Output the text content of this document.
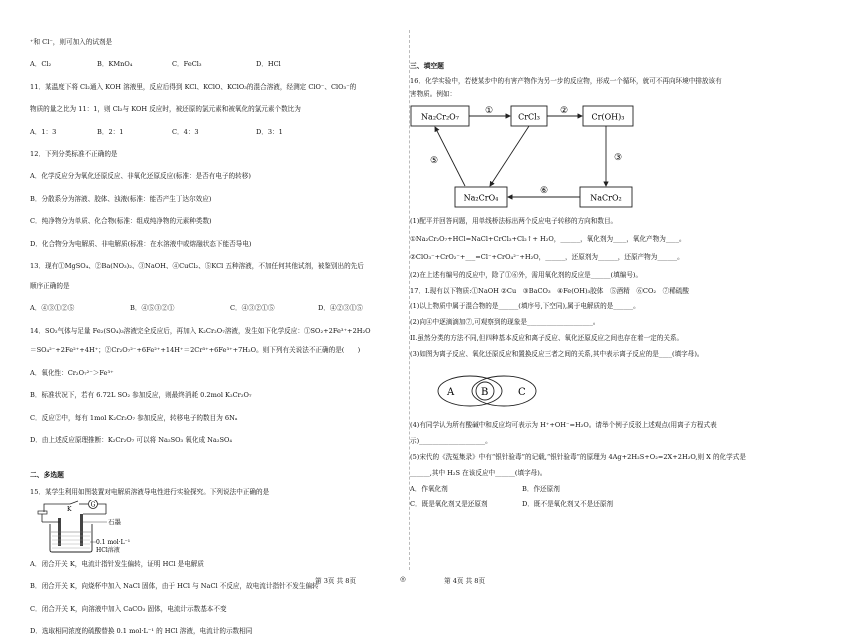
⁺和 Cl⁻，则可加入的试剂是

A．Cl₂	B．KMnO₄	C．FeCl₃	D．HCl

11．某温度下将 Cl₂通入 KOH 溶液里，反应后得到 KCl、KClO、KClO₃的混合溶液，经测定 ClO⁻、ClO₃⁻的

物质的量之比为 11：1，则 Cl₂与 KOH 反应时，被还原的氯元素和被氧化的氯元素个数比为

A．1：3	B．2：1	C．4：3	D．3：1

12．下列分类标准不正确的是

A．化学反应分为氧化还原反应、非氧化还原反应(标准：是否有电子的转移)

B．分散系分为溶液、胶体、浊液(标准：能否产生丁达尔效应)

C．纯净物分为单质、化合物(标准：组成纯净物的元素种类数)

D．化合物分为电解质、非电解质(标准：在水溶液中或熔融状态下能否导电)

13．现有①MgSO₄、②Ba(NO₃)₂、③NaOH、④CuCl₂、⑤KCl 五种溶液，不加任何其他试剂，被鉴别出的先后

顺序正确的是

A．④③①②⑤	B．④⑤③②①	C．④③②①⑤	D．④②③①⑤

14．SO₂气体与足量 Fe₂(SO₄)₃溶液完全反应后，再加入 K₂Cr₂O₇溶液，发生如下化学反应：①SO₂+2Fe³⁺+2H₂O

＝SO₄²⁻+2Fe²⁺+4H⁺；②Cr₂O₇²⁻+6Fe²⁺+14H⁺＝2Cr³⁺+6Fe³⁺+7H₂O。则下列有关说法不正确的是(　　)

A．氧化性：Cr₂O₇²⁻＞Fe³⁺

B．标准状况下，若有 6.72L SO₂ 参加反应，则最终消耗 0.2mol K₂Cr₂O₇

C．反应②中，每有 1mol K₂Cr₂O₇ 参加反应，转移电子的数目为 6Nₐ

D．由上述反应原理推断：K₂Cr₂O₇ 可以将 Na₂SO₃ 氧化成 Na₂SO₄

二、多选题

15．某学生利用如图装置对电解质溶液导电性进行实验探究。下列说法中正确的是

G
K
石墨
0.1 mol·L⁻¹
HCl溶液

A．闭合开关 K，电流计指针发生偏转，证明 HCl 是电解质

B．闭合开关 K，向烧杯中加入 NaCl 固体，由于 HCl 与 NaCl 不反应，故电流计指针不发生偏转

C．闭合开关 K，向溶液中加入 CaCO₃ 固体，电流计示数基本不变

D．选取相同浓度的硫酸替换 0.1 mol·L⁻¹ 的 HCl 溶液，电流计的示数相同

三、填空题

16．化学实验中，若使某步中的有害产物作为另一步的反应物，形成一个循环，就可不再向环境中排放该有

害物质。例如：

Na₂Cr₂O₇	CrCl₃	Cr(OH)₃
Na₂CrO₄	NaCrO₂
①	②
③
⑥
⑤

(1)配平并回答问题，用单线桥法标出两个反应电子转移的方向和数目。

①Na₂Cr₂O₇+HCl=NaCl+CrCl₃+Cl₂↑+ H₂O，______，氧化剂为____，氧化产物为____。

②ClO₃⁻+CrO₂⁻+___=Cl⁻+CrO₄²⁻+H₂O，______，还原剂为______，还原产物为______。

(2)在上述有编号的反应中，除了①⑥外，需用氧化剂的反应是______(填编号)。

17．I.现有以下物质:①NaOH ②Cu　③BaCO₃　④Fe(OH)₃胶体　⑤酒精　⑥CO₂　⑦稀硫酸

(1)以上物质中属于混合物的是______(填序号,下空同),属于电解质的是______。

(2)向④中逐滴滴加⑦,可观察到的现象是____________________。

II.虽然分类的方法不同,但四种基本反应和离子反应、氧化还原反应之间也存在着一定的关系。

(3)如图为离子反应、氧化还原反应和置换反应三者之间的关系,其中表示离子反应的是____(填字母)。

A	B	C

(4)有同学认为所有酸碱中和反应均可表示为 H⁺+OH⁻=H₂O。请举个例子反驳上述观点(用离子方程式表

示)____________________。

(5)宋代的《洗冤集录》中有“银针验毒”的记载,“银针验毒”的原理为 4Ag+2H₂S+O₂=2X+2H₂O,则 X 的化学式是

______,其中 H₂S 在该反应中______(填字母)。

A．作氧化剂	B．作还原剂
C．既是氧化剂又是还原剂	D．既不是氧化剂又不是还原剂
第 3页 共 8页	◎	第 4页 共 8页
